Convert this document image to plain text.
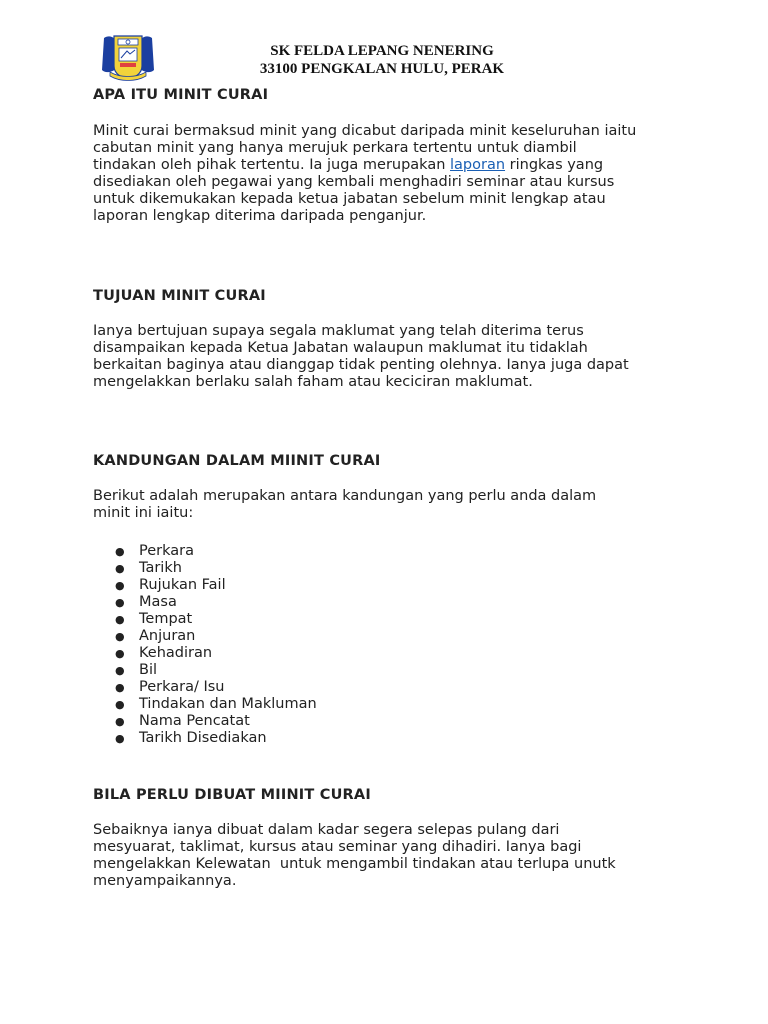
SK FELDA LEPANG NENERING
33100 PENGKALAN HULU, PERAK
APA ITU MINIT CURAI

Minit curai bermaksud minit yang dicabut daripada minit keseluruhan iaitu

cabutan minit yang hanya merujuk perkara tertentu untuk diambil

tindakan oleh pihak tertentu. Ia juga merupakan laporan ringkas yang

disediakan oleh pegawai yang kembali menghadiri seminar atau kursus

untuk dikemukakan kepada ketua jabatan sebelum minit lengkap atau

laporan lengkap diterima daripada penganjur.

TUJUAN MINIT CURAI

Ianya bertujuan supaya segala maklumat yang telah diterima terus

disampaikan kepada Ketua Jabatan walaupun maklumat itu tidaklah

berkaitan baginya atau dianggap tidak penting olehnya. Ianya juga dapat

mengelakkan berlaku salah faham atau keciciran maklumat.

KANDUNGAN DALAM MIINIT CURAI

Berikut adalah merupakan antara kandungan yang perlu anda dalam

minit ini iaitu:

● Perkara
● Tarikh
● Rujukan Fail
● Masa
● Tempat
● Anjuran
● Kehadiran
● Bil
● Perkara/ Isu
● Tindakan dan Makluman
● Nama Pencatat
● Tarikh Disediakan
BILA PERLU DIBUAT MIINIT CURAI

Sebaiknya ianya dibuat dalam kadar segera selepas pulang dari

mesyuarat, taklimat, kursus atau seminar yang dihadiri. Ianya bagi

mengelakkan Kelewatan  untuk mengambil tindakan atau terlupa unutk

menyampaikannya.
